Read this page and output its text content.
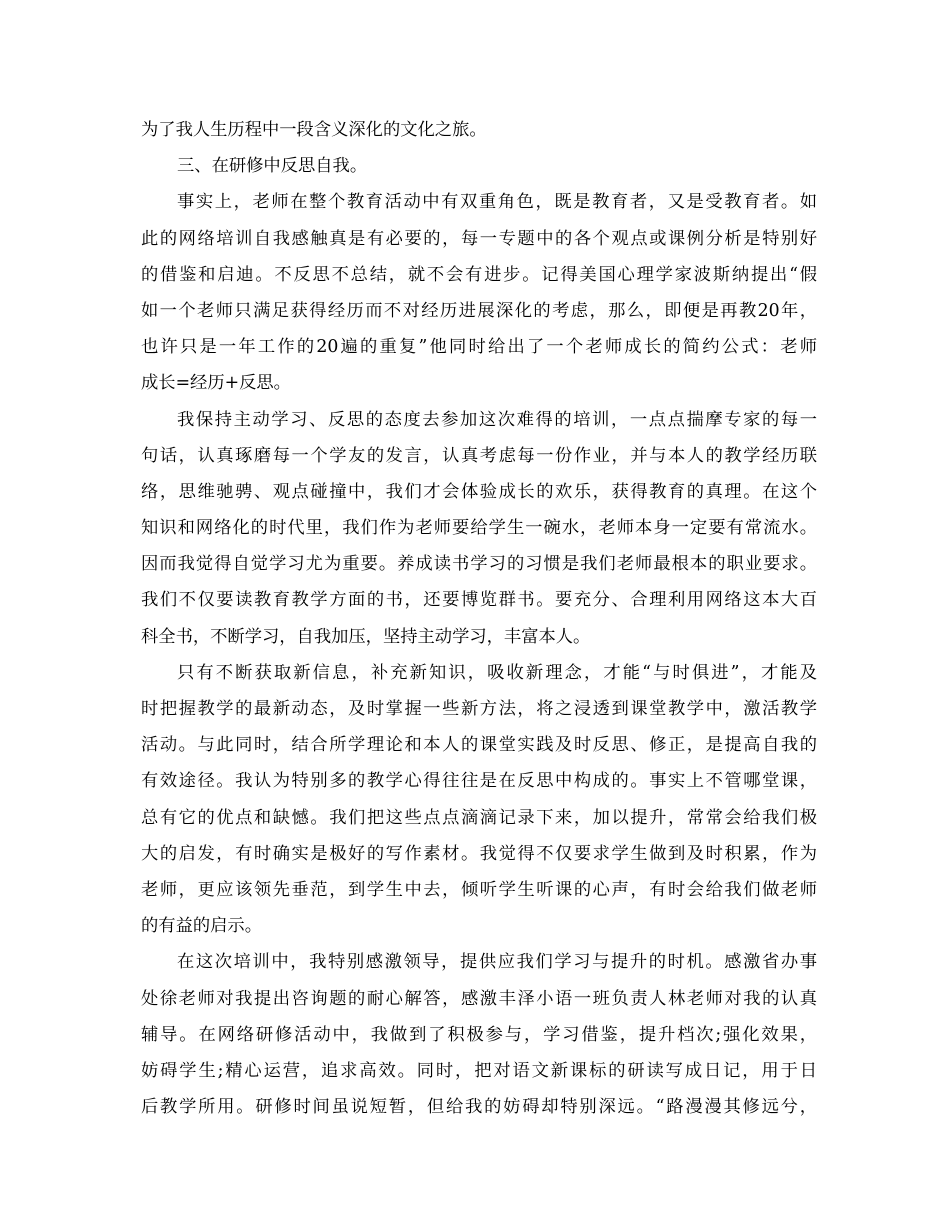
为了我人生历程中一段含义深化的文化之旅。
三、在研修中反思自我。
事实上，老师在整个教育活动中有双重角色，既是教育者，又是受教育者。如
此的网络培训自我感触真是有必要的，每一专题中的各个观点或课例分析是特别好
的借鉴和启迪。不反思不总结，就不会有进步。记得美国心理学家波斯纳提出“假
如一个老师只满足获得经历而不对经历进展深化的考虑，那么，即便是再教20年，
也许只是一年工作的20遍的重复”他同时给出了一个老师成长的简约公式：老师
成长=经历+反思。
我保持主动学习、反思的态度去参加这次难得的培训，一点点揣摩专家的每一
句话，认真琢磨每一个学友的发言，认真考虑每一份作业，并与本人的教学经历联
络，思维驰骋、观点碰撞中，我们才会体验成长的欢乐，获得教育的真理。在这个
知识和网络化的时代里，我们作为老师要给学生一碗水，老师本身一定要有常流水。
因而我觉得自觉学习尤为重要。养成读书学习的习惯是我们老师最根本的职业要求。
我们不仅要读教育教学方面的书，还要博览群书。要充分、合理利用网络这本大百
科全书，不断学习，自我加压，坚持主动学习，丰富本人。
只有不断获取新信息，补充新知识，吸收新理念，才能“与时俱进”，才能及
时把握教学的最新动态，及时掌握一些新方法，将之浸透到课堂教学中，激活教学
活动。与此同时，结合所学理论和本人的课堂实践及时反思、修正，是提高自我的
有效途径。我认为特别多的教学心得往往是在反思中构成的。事实上不管哪堂课，
总有它的优点和缺憾。我们把这些点点滴滴记录下来，加以提升，常常会给我们极
大的启发，有时确实是极好的写作素材。我觉得不仅要求学生做到及时积累，作为
老师，更应该领先垂范，到学生中去，倾听学生听课的心声，有时会给我们做老师
的有益的启示。
在这次培训中，我特别感激领导，提供应我们学习与提升的时机。感激省办事
处徐老师对我提出咨询题的耐心解答，感激丰泽小语一班负责人林老师对我的认真
辅导。在网络研修活动中，我做到了积极参与，学习借鉴，提升档次;强化效果，
妨碍学生;精心运营，追求高效。同时，把对语文新课标的研读写成日记，用于日
后教学所用。研修时间虽说短暂，但给我的妨碍却特别深远。“路漫漫其修远兮，
